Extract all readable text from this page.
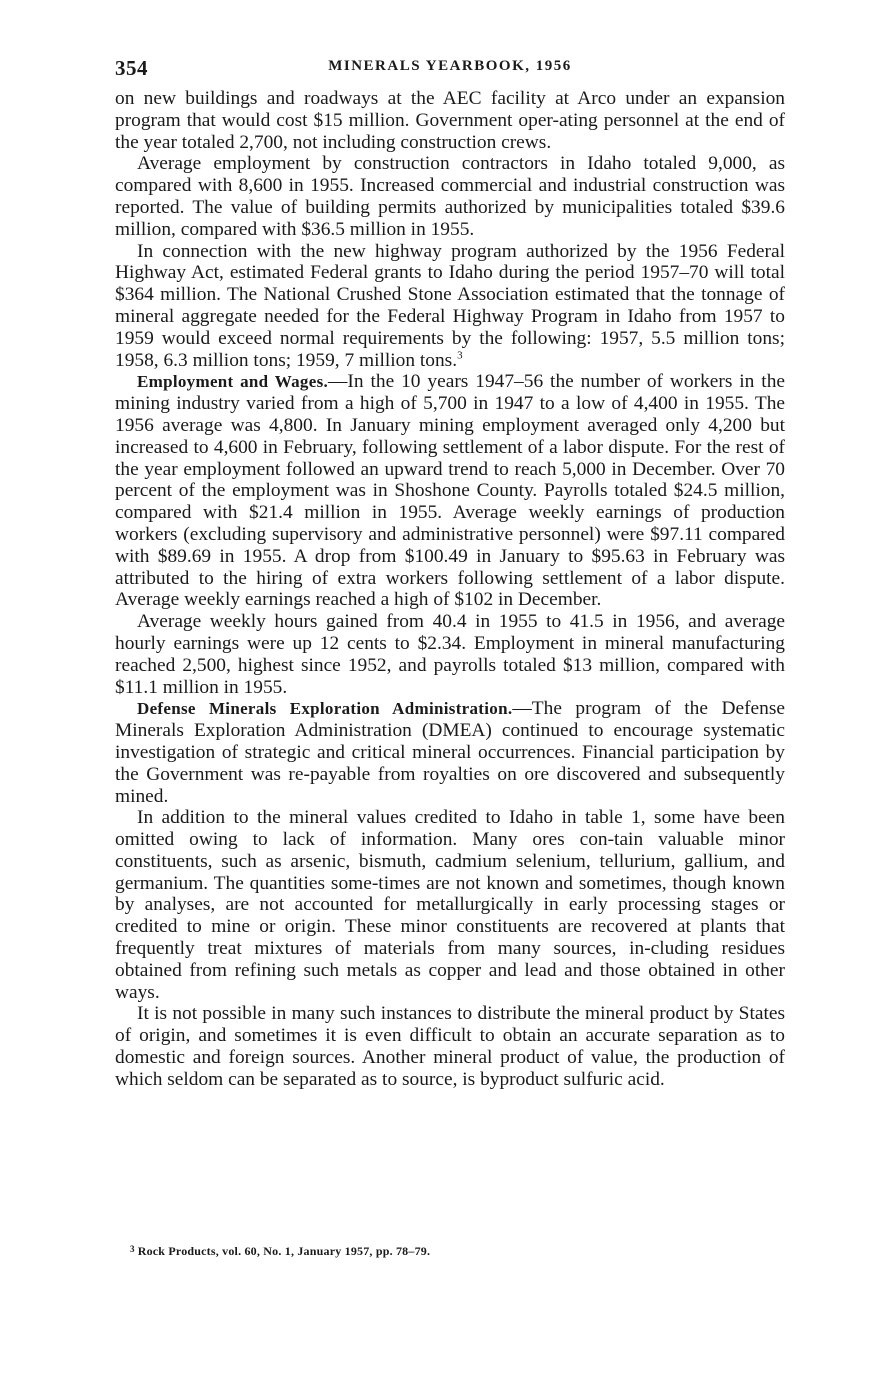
354	MINERALS YEARBOOK, 1956

on new buildings and roadways at the AEC facility at Arco under an expansion program that would cost $15 million. Government oper-ating personnel at the end of the year totaled 2,700, not including construction crews.

Average employment by construction contractors in Idaho totaled 9,000, as compared with 8,600 in 1955. Increased commercial and industrial construction was reported. The value of building permits authorized by municipalities totaled $39.6 million, compared with $36.5 million in 1955.

In connection with the new highway program authorized by the 1956 Federal Highway Act, estimated Federal grants to Idaho during the period 1957–70 will total $364 million. The National Crushed Stone Association estimated that the tonnage of mineral aggregate needed for the Federal Highway Program in Idaho from 1957 to 1959 would exceed normal requirements by the following: 1957, 5.5 million tons; 1958, 6.3 million tons; 1959, 7 million tons.$^3$

Employment and Wages.—In the 10 years 1947–56 the number of workers in the mining industry varied from a high of 5,700 in 1947 to a low of 4,400 in 1955. The 1956 average was 4,800. In January mining employment averaged only 4,200 but increased to 4,600 in February, following settlement of a labor dispute. For the rest of the year employment followed an upward trend to reach 5,000 in December. Over 70 percent of the employment was in Shoshone County. Payrolls totaled $24.5 million, compared with $21.4 million in 1955. Average weekly earnings of production workers (excluding supervisory and administrative personnel) were $97.11 compared with $89.69 in 1955. A drop from $100.49 in January to $95.63 in February was attributed to the hiring of extra workers following settlement of a labor dispute. Average weekly earnings reached a high of $102 in December.

Average weekly hours gained from 40.4 in 1955 to 41.5 in 1956, and average hourly earnings were up 12 cents to $2.34. Employment in mineral manufacturing reached 2,500, highest since 1952, and payrolls totaled $13 million, compared with $11.1 million in 1955.

Defense Minerals Exploration Administration.—The program of the Defense Minerals Exploration Administration (DMEA) continued to encourage systematic investigation of strategic and critical mineral occurrences. Financial participation by the Government was re-payable from royalties on ore discovered and subsequently mined.

In addition to the mineral values credited to Idaho in table 1, some have been omitted owing to lack of information. Many ores con-tain valuable minor constituents, such as arsenic, bismuth, cadmium selenium, tellurium, gallium, and germanium. The quantities some-times are not known and sometimes, though known by analyses, are not accounted for metallurgically in early processing stages or credited to mine or origin. These minor constituents are recovered at plants that frequently treat mixtures of materials from many sources, in-cluding residues obtained from refining such metals as copper and lead and those obtained in other ways.

It is not possible in many such instances to distribute the mineral product by States of origin, and sometimes it is even difficult to obtain an accurate separation as to domestic and foreign sources. Another mineral product of value, the production of which seldom can be separated as to source, is byproduct sulfuric acid.

$^3$ Rock Products, vol. 60, No. 1, January 1957, pp. 78–79.
